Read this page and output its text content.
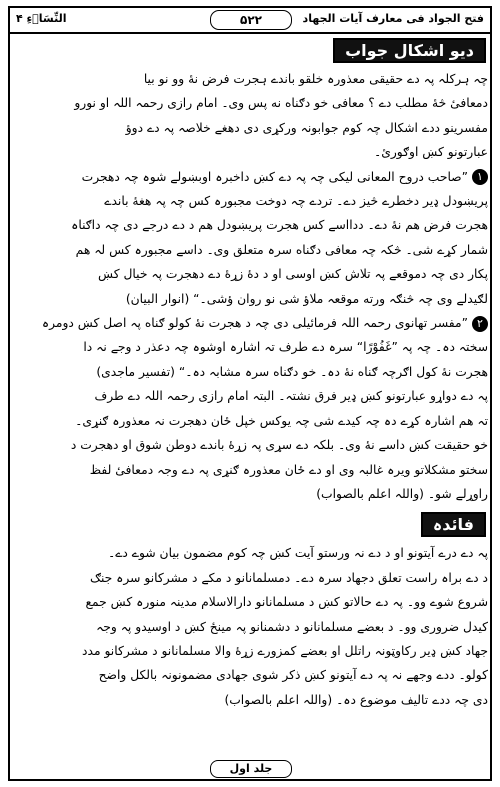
النِّسَاۗءِ ۴	۵۲۲	فتح الجواد فی معارف آیات الجھاد
دیو اشکال جواب
چہ ہرکلہ پہ دے حقیقی معذورہ خلقو باندے ہجرت فرض نۀ وو نو بیا
دمعافیٔ څۀ مطلب دے ؟ معافی خو دګناه نه پس وی۔ امام رازی رحمہ اللہ او نورو
مفسرینو ددے اشکال چہ کوم جوابونہ ورکړی دی دھغے خلاصہ پہ دے دوؤ
عبارتونو کښ اوګورئ۔
١”صاحب دروح المعانی لیکی چہ پہ دے کښ داخبرہ اوبښولے شوہ چہ دھجرت
پریښودل ډیر دخطرے څیز دے۔ تردے چہ دوخت مجبورہ کس چہ پہ ھغۀ باندے
ھجرت فرض ھم نۀ دے۔ ددااسے کس ھجرت پریښودل ھم د دے درجے دی چہ داګناہ
شمار کړے شی۔ څکہ چہ معافی دګناه سرہ متعلق وی۔ داسے مجبورہ کس لہ ھم
پکار دی چہ دموقعے پہ تلاش کښ اوسی او د دۀ زړۀ دے دھجرت پہ خیال کښ
لګیدلے وی چہ څنګہ ورته موقعہ ملاؤ شی نو روان ؤشی۔“ (انوار البیان)
٢”مفسر تھانوی رحمہ اللہ فرمائیلی دی چہ د ھجرت نۀ کولو ګناه پہ اصل کښ دومرہ
سختہ دہ۔ چہ پہ ”غَفُوْرًا“ سرہ دے طرف تہ اشارہ اوشوہ چہ دعذر د وجے نہ دا
ھجرت نۀ کول اګرچہ ګناه نۀ دہ۔ خو دګناه سرہ مشابہ دہ۔“ (تفسیر ماجدی)
پہ دے دواړو عبارتونو کښ ډیر فرق نشتہ۔ البتہ امام رازی رحمہ اللہ دے طرف
تہ ھم اشارہ کړے دہ چہ کیدے شی چہ یوکس خپل ځان دھجرت نہ معذورہ ګنړی۔
خو حقیقت کښ داسے نۀ وی۔ بلکہ دے سړی پہ زړۀ باندے دوطن شوق او دھجرت د
سختو مشکلاتو ویرہ غالبہ وی او دے ځان معذورہ ګنړی پہ دے وجہ دمعافیٔ لفظ
راوړلے شو۔ (واللہ اعلم بالصواب)
فائدہ
پہ دے درے آیتونو او د دے نہ ورستو آیت کښ چہ کوم مضمون بیان شوے دے۔
د دے براہ راست تعلق دجهاد سرہ دے۔ دمسلمانانو د مکے د مشرکانو سرہ جنګ
شروع شوے وو۔ پہ دے حالاتو کښ د مسلمانانو دارالاسلام مدینہ منورہ کښ جمع
کیدل ضروری وو۔ د بعضے مسلمانانو د دشمنانو پہ مینځ کښ د اوسیدو پہ وجہ
جهاد کښ ډیر رکاوټونہ راتلل او بعضے کمزورے زړۀ والا مسلمانانو د مشرکانو مدد
کولو۔ ددے وجهے نہ پہ دے آیتونو کښ ذکر شوی جهادی مضمونونہ بالکل واضح
دی چہ ددے تالیف موضوع دہ۔ (واللہ اعلم بالصواب)
جلد اول
